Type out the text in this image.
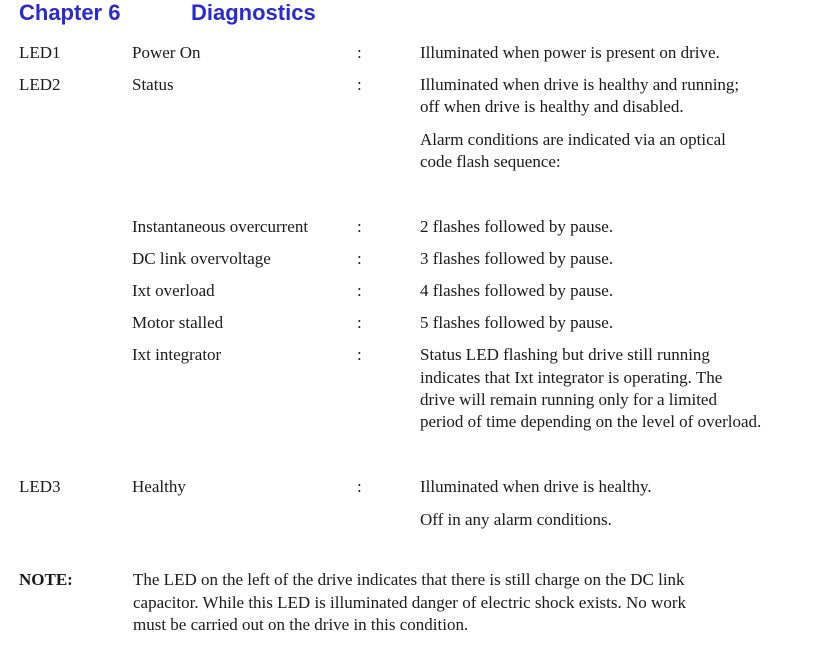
Chapter 6	Diagnostics
LED1	Power On	:	Illuminated when power is present on drive.
LED2	Status	:	Illuminated when drive is healthy and running;
off when drive is healthy and disabled.
Alarm conditions are indicated via an optical
code flash sequence:
Instantaneous overcurrent	:	2 flashes followed by pause.
DC link overvoltage	:	3 flashes followed by pause.
Ixt overload	:	4 flashes followed by pause.
Motor stalled	:	5 flashes followed by pause.
Ixt integrator	:	Status LED flashing but drive still running
indicates that Ixt integrator is operating. The
drive will remain running only for a limited
period of time depending on the level of overload.
LED3	Healthy	:	Illuminated when drive is healthy.
Off in any alarm conditions.
NOTE:	The LED on the left of the drive indicates that there is still charge on the DC link
capacitor. While this LED is illuminated danger of electric shock exists. No work
must be carried out on the drive in this condition.
